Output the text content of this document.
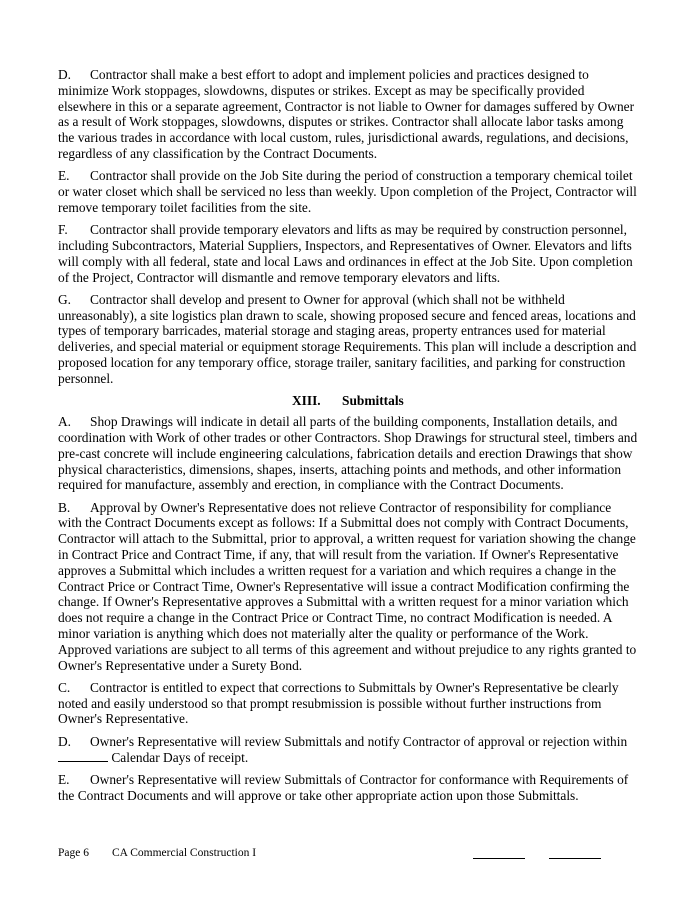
D. Contractor shall make a best effort to adopt and implement policies and practices designed to minimize Work stoppages, slowdowns, disputes or strikes. Except as may be specifically provided elsewhere in this or a separate agreement, Contractor is not liable to Owner for damages suffered by Owner as a result of Work stoppages, slowdowns, disputes or strikes. Contractor shall allocate labor tasks among the various trades in accordance with local custom, rules, jurisdictional awards, regulations, and decisions, regardless of any classification by the Contract Documents.

E. Contractor shall provide on the Job Site during the period of construction a temporary chemical toilet or water closet which shall be serviced no less than weekly. Upon completion of the Project, Contractor will remove temporary toilet facilities from the site.

F. Contractor shall provide temporary elevators and lifts as may be required by construction personnel, including Subcontractors, Material Suppliers, Inspectors, and Representatives of Owner. Elevators and lifts will comply with all federal, state and local Laws and ordinances in effect at the Job Site. Upon completion of the Project, Contractor will dismantle and remove temporary elevators and lifts.

G. Contractor shall develop and present to Owner for approval (which shall not be withheld unreasonably), a site logistics plan drawn to scale, showing proposed secure and fenced areas, locations and types of temporary barricades, material storage and staging areas, property entrances used for material deliveries, and special material or equipment storage Requirements. This plan will include a description and proposed location for any temporary office, storage trailer, sanitary facilities, and parking for construction personnel.

XIII. Submittals

A. Shop Drawings will indicate in detail all parts of the building components, Installation details, and coordination with Work of other trades or other Contractors. Shop Drawings for structural steel, timbers and pre-cast concrete will include engineering calculations, fabrication details and erection Drawings that show physical characteristics, dimensions, shapes, inserts, attaching points and methods, and other information required for manufacture, assembly and erection, in compliance with the Contract Documents.

B. Approval by Owner's Representative does not relieve Contractor of responsibility for compliance with the Contract Documents except as follows: If a Submittal does not comply with Contract Documents, Contractor will attach to the Submittal, prior to approval, a written request for variation showing the change in Contract Price and Contract Time, if any, that will result from the variation. If Owner's Representative approves a Submittal which includes a written request for a variation and which requires a change in the Contract Price or Contract Time, Owner's Representative will issue a contract Modification confirming the change. If Owner's Representative approves a Submittal with a written request for a minor variation which does not require a change in the Contract Price or Contract Time, no contract Modification is needed. A minor variation is anything which does not materially alter the quality or performance of the Work. Approved variations are subject to all terms of this agreement and without prejudice to any rights granted to Owner's Representative under a Surety Bond.

C. Contractor is entitled to expect that corrections to Submittals by Owner's Representative be clearly noted and easily understood so that prompt resubmission is possible without further instructions from Owner's Representative.

D. Owner's Representative will review Submittals and notify Contractor of approval or rejection within  Calendar Days of receipt.

E. Owner's Representative will review Submittals of Contractor for conformance with Requirements of the Contract Documents and will approve or take other appropriate action upon those Submittals.

Page 6 CA Commercial Construction I
